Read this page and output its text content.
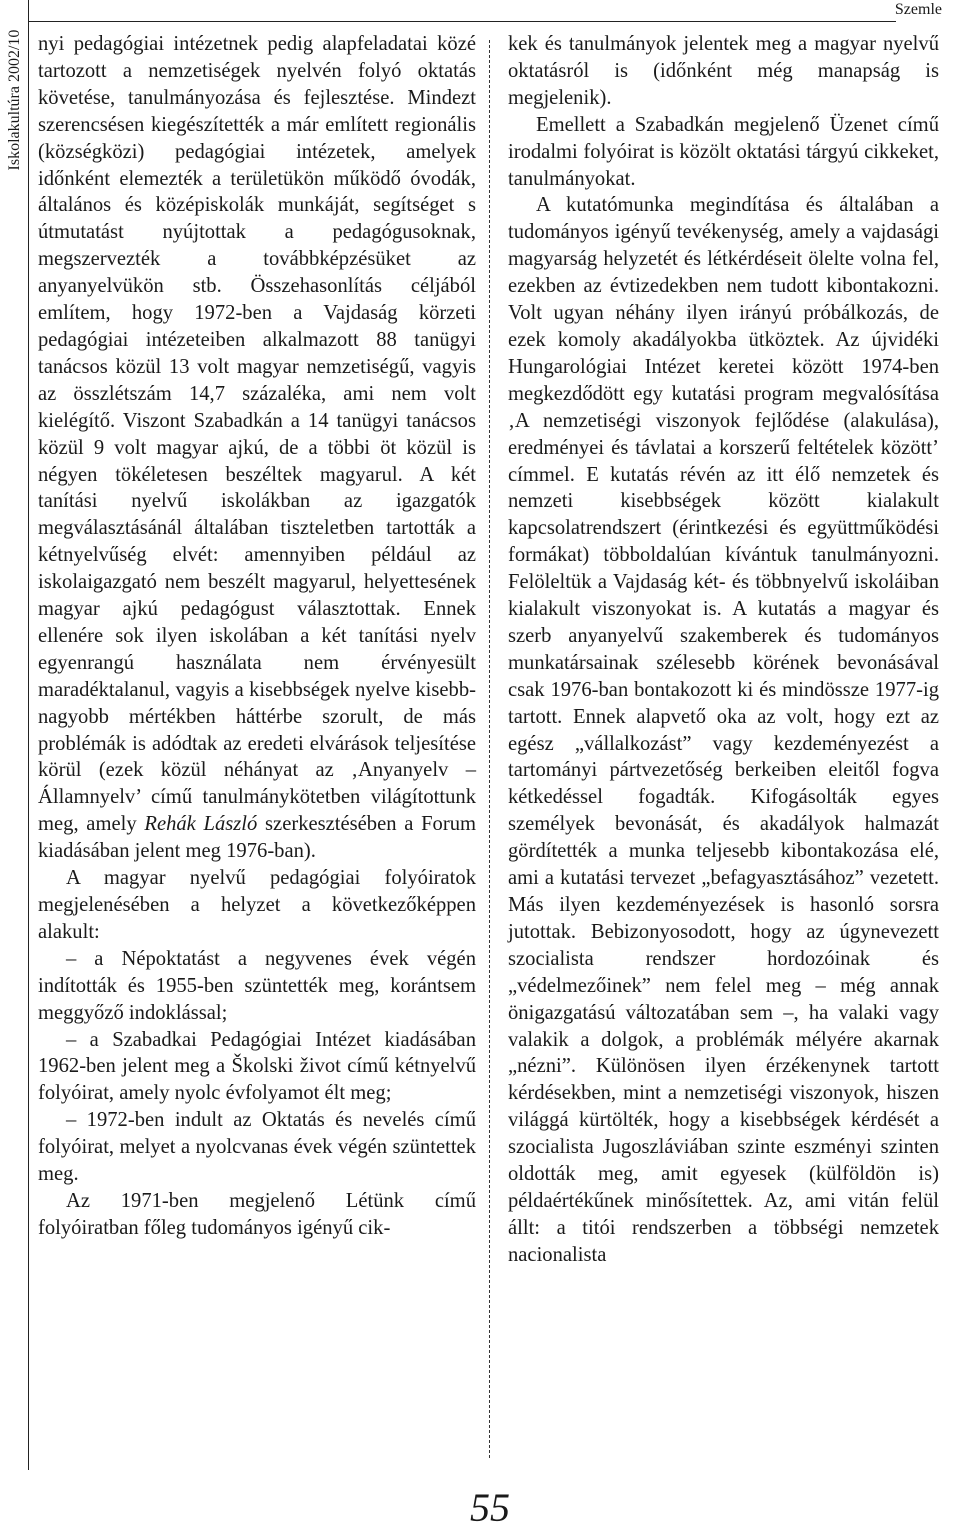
Iskolakultúra 2002/10
Szemle

nyi pedagógiai intézetnek pedig alapfeladatai közé tartozott a nemzetiségek nyelvén folyó oktatás követése, tanulmányozása és fejlesztése. Mindezt szerencsésen kiegészítették a már említett regionális (községközi) pedagógiai intézetek, amelyek időnként elemezték a területükön működő óvodák, általános és középiskolák munkáját, segítséget s útmutatást nyújtottak a pedagógusoknak, megszervezték a továbbképzésüket az anyanyelvükön stb. Összehasonlítás céljából említem, hogy 1972-ben a Vajdaság körzeti pedagógiai intézeteiben alkalmazott 88 tanügyi tanácsos közül 13 volt magyar nemzetiségű, vagyis az összlétszám 14,7 százaléka, ami nem volt kielégítő. Viszont Szabadkán a 14 tanügyi tanácsos közül 9 volt magyar ajkú, de a többi öt közül is négyen tökéletesen beszéltek magyarul. A két tanítási nyelvű iskolákban az igazgatók megválasztásánál általában tiszteletben tartották a kétnyelvűség elvét: amennyiben például az iskolaigazgató nem beszélt magyarul, helyettesének magyar ajkú pedagógust választottak. Ennek ellenére sok ilyen iskolában a két tanítási nyelv egyenrangú használata nem érvényesült maradéktalanul, vagyis a kisebbségek nyelve kisebb-nagyobb mértékben háttérbe szorult, de más problémák is adódtak az eredeti elvárások teljesítése körül (ezek közül néhányat az ‚Anyanyelv – Államnyelv’ című tanulmánykötetben világítottunk meg, amely Rehák László szerkesztésében a Forum kiadásában jelent meg 1976-ban).

A magyar nyelvű pedagógiai folyóiratok megjelenésében a helyzet a következőképpen alakult:

– a Népoktatást a negyvenes évek végén indították és 1955-ben szüntették meg, korántsem meggyőző indoklással;

– a Szabadkai Pedagógiai Intézet kiadásában 1962-ben jelent meg a Školski život című kétnyelvű folyóirat, amely nyolc évfolyamot élt meg;

– 1972-ben indult az Oktatás és nevelés című folyóirat, melyet a nyolcvanas évek végén szüntettek meg.

Az 1971-ben megjelenő Létünk című folyóiratban főleg tudományos igényű cik-

kek és tanulmányok jelentek meg a magyar nyelvű oktatásról is (időnként még manapság is megjelenik).

Emellett a Szabadkán megjelenő Üzenet című irodalmi folyóirat is közölt oktatási tárgyú cikkeket, tanulmányokat.

A kutatómunka megindítása és általában a tudományos igényű tevékenység, amely a vajdasági magyarság helyzetét és létkérdéseit ölelte volna fel, ezekben az évtizedekben nem tudott kibontakozni. Volt ugyan néhány ilyen irányú próbálkozás, de ezek komoly akadályokba ütköztek. Az újvidéki Hungarológiai Intézet keretei között 1974-ben megkezdődött egy kutatási program megvalósítása ‚A nemzetiségi viszonyok fejlődése (alakulása), eredményei és távlatai a korszerű feltételek között’ címmel. E kutatás révén az itt élő nemzetek és nemzeti kisebbségek között kialakult kapcsolatrendszert (érintkezési és együttműködési formákat) többoldalúan kívántuk tanulmányozni. Felöleltük a Vajdaság két- és többnyelvű iskoláiban kialakult viszonyokat is. A kutatás a magyar és szerb anyanyelvű szakemberek és tudományos munkatársainak szélesebb körének bevonásával csak 1976-ban bontakozott ki és mindössze 1977-ig tartott. Ennek alapvető oka az volt, hogy ezt az egész „vállalkozást” vagy kezdeményezést a tartományi pártvezetőség berkeiben eleitől fogva kétkedéssel fogadták. Kifogásolták egyes személyek bevonását, és akadályok halmazát gördítették a munka teljesebb kibontakozása elé, ami a kutatási tervezet „befagyasztásához” vezetett. Más ilyen kezdeményezések is hasonló sorsra jutottak. Bebizonyosodott, hogy az úgynevezett szocialista rendszer hordozóinak és „védelmezőinek” nem felel meg – még annak önigazgatású változatában sem –, ha valaki vagy valakik a dolgok, a problémák mélyére akarnak „nézni”. Különösen ilyen érzékenynek tartott kérdésekben, mint a nemzetiségi viszonyok, hiszen világgá kürtölték, hogy a kisebbségek kérdését a szocialista Jugoszláviában szinte eszményi szinten oldották meg, amit egyesek (külföldön is) példaértékűnek minősítettek. Az, ami vitán felül állt: a titói rendszerben a többségi nemzetek nacionalista

55
